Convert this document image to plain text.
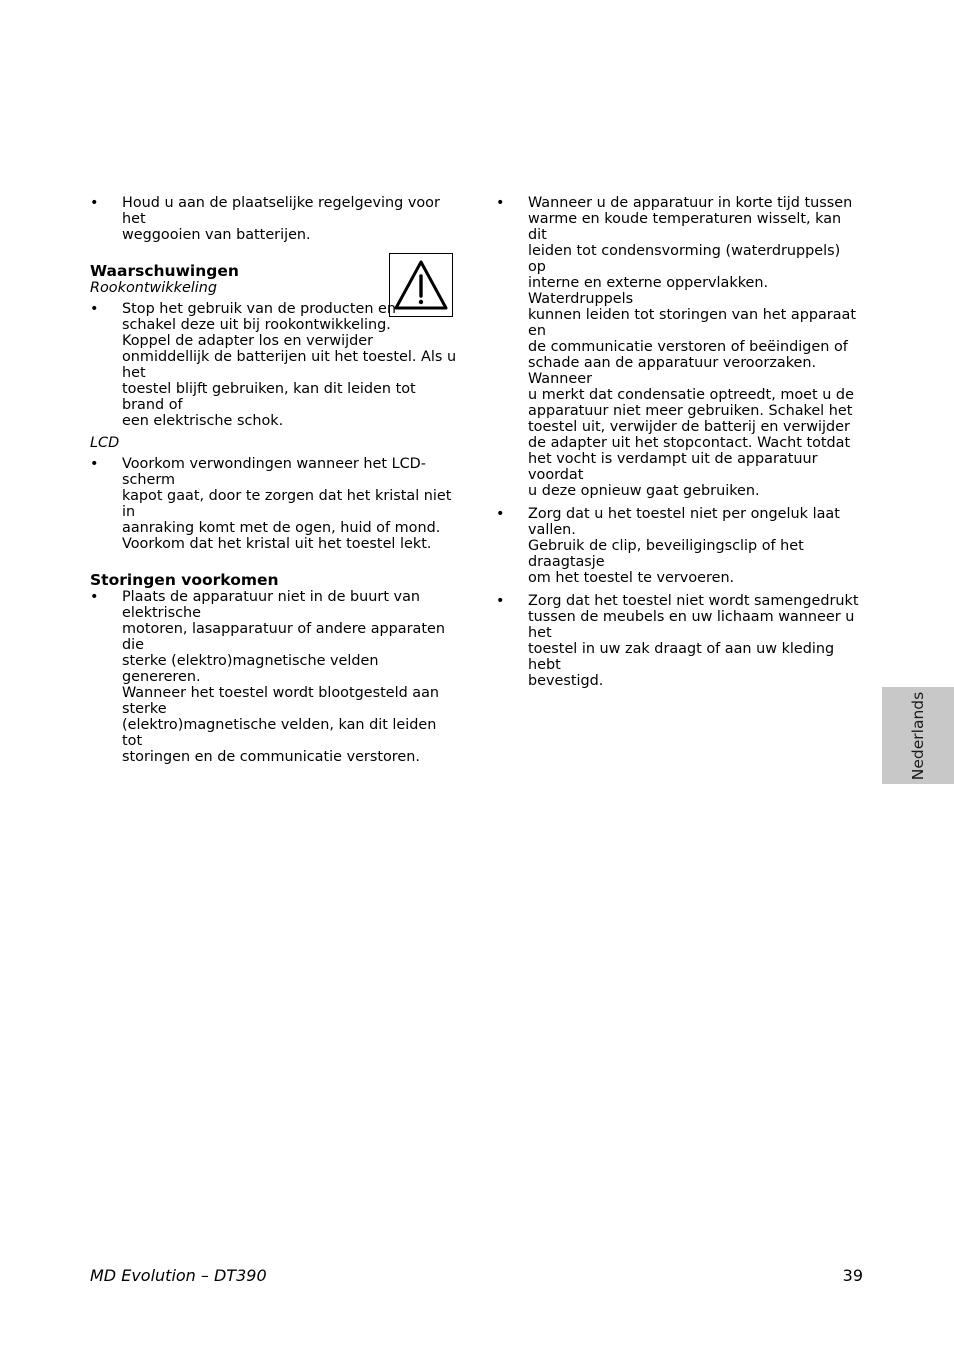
• Houd u aan de plaatselijke regelgeving voor het

weggooien van batterijen.

Waarschuwingen
Rookontwikkeling
• Stop het gebruik van de producten en

schakel deze uit bij rookontwikkeling.

Koppel de adapter los en verwijder

onmiddellijk de batterijen uit het toestel. Als u het

toestel blijft gebruiken, kan dit leiden tot brand of

een elektrische schok.

LCD
• Voorkom verwondingen wanneer het LCD-scherm

kapot gaat, door te zorgen dat het kristal niet in

aanraking komt met de ogen, huid of mond.

Voorkom dat het kristal uit het toestel lekt.

Storingen voorkomen
• Plaats de apparatuur niet in de buurt van elektrische

motoren, lasapparatuur of andere apparaten die

sterke (elektro)magnetische velden genereren.

Wanneer het toestel wordt blootgesteld aan sterke

(elektro)magnetische velden, kan dit leiden tot

storingen en de communicatie verstoren.

• Wanneer u de apparatuur in korte tijd tussen

warme en koude temperaturen wisselt, kan dit

leiden tot condensvorming (waterdruppels) op

interne en externe oppervlakken. Waterdruppels

kunnen leiden tot storingen van het apparaat en

de communicatie verstoren of beëindigen of

schade aan de apparatuur veroorzaken. Wanneer

u merkt dat condensatie optreedt, moet u de

apparatuur niet meer gebruiken. Schakel het

toestel uit, verwijder de batterij en verwijder

de adapter uit het stopcontact. Wacht totdat

het vocht is verdampt uit de apparatuur voordat

u deze opnieuw gaat gebruiken.

• Zorg dat u het toestel niet per ongeluk laat vallen.

Gebruik de clip, beveiligingsclip of het draagtasje

om het toestel te vervoeren.

• Zorg dat het toestel niet wordt samengedrukt

tussen de meubels en uw lichaam wanneer u het

toestel in uw zak draagt of aan uw kleding hebt

bevestigd.

Nederlands
MD Evolution – DT390	39
